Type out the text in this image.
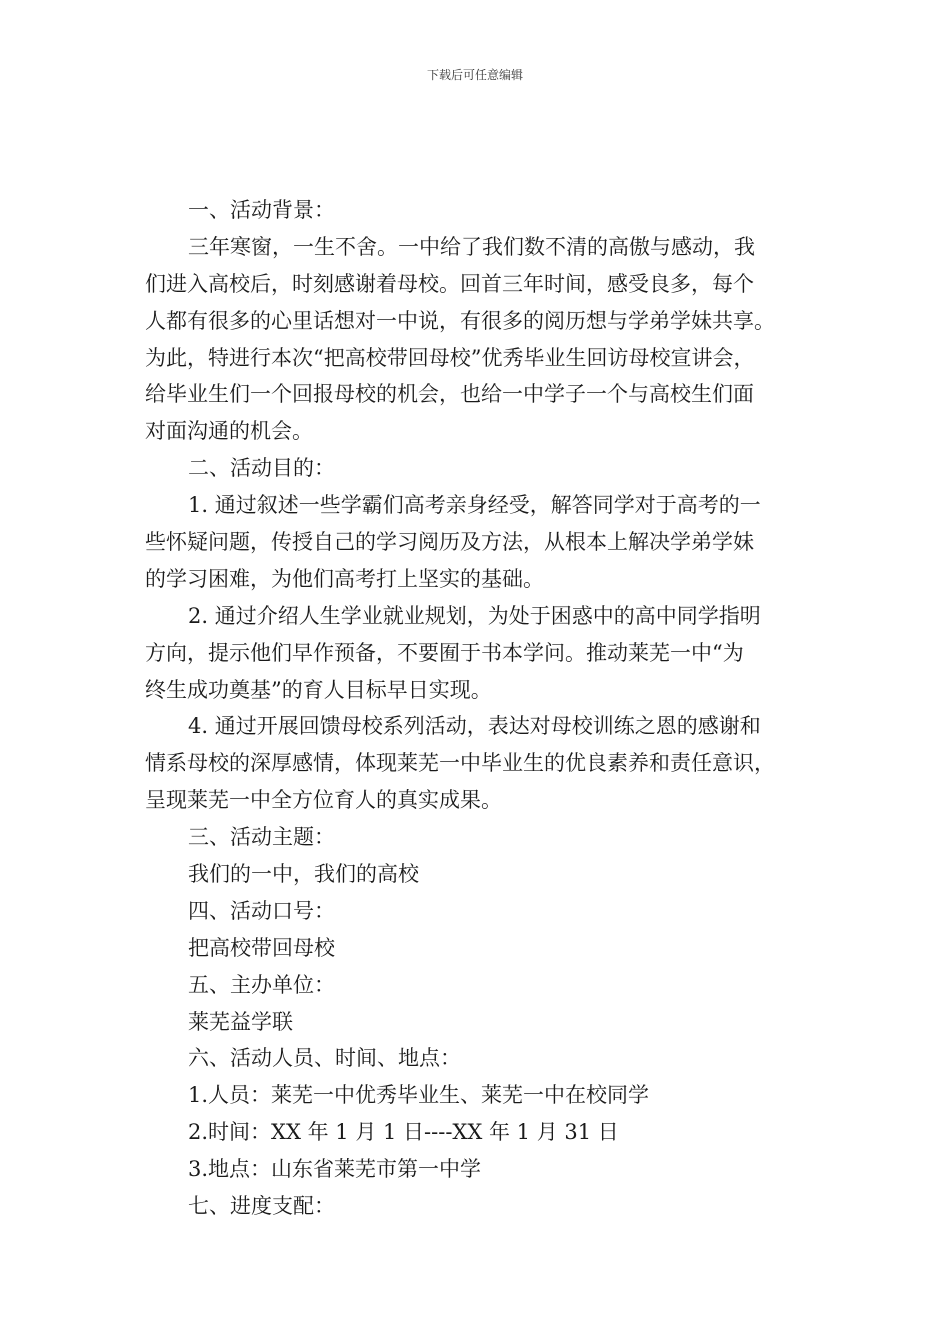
下载后可任意编辑
一、活动背景：
三年寒窗，一生不舍。一中给了我们数不清的高傲与感动，我
们进入高校后，时刻感谢着母校。回首三年时间，感受良多，每个
人都有很多的心里话想对一中说，有很多的阅历想与学弟学妹共享。
为此，特进行本次“把高校带回母校”优秀毕业生回访母校宣讲会，
给毕业生们一个回报母校的机会，也给一中学子一个与高校生们面
对面沟通的机会。
二、活动目的：
1. 通过叙述一些学霸们高考亲身经受，解答同学对于高考的一
些怀疑问题，传授自己的学习阅历及方法，从根本上解决学弟学妹
的学习困难，为他们高考打上坚实的基础。
2. 通过介绍人生学业就业规划，为处于困惑中的高中同学指明
方向，提示他们早作预备，不要囿于书本学问。推动莱芜一中“为
终生成功奠基”的育人目标早日实现。
4. 通过开展回馈母校系列活动，表达对母校训练之恩的感谢和
情系母校的深厚感情，体现莱芜一中毕业生的优良素养和责任意识，
呈现莱芜一中全方位育人的真实成果。
三、活动主题：
我们的一中，我们的高校
四、活动口号：
把高校带回母校
五、主办单位：
莱芜益学联
六、活动人员、时间、地点：
1.人员：莱芜一中优秀毕业生、莱芜一中在校同学
2.时间：XX 年 1 月 1 日----XX 年 1 月 31 日
3.地点：山东省莱芜市第一中学
七、进度支配：
